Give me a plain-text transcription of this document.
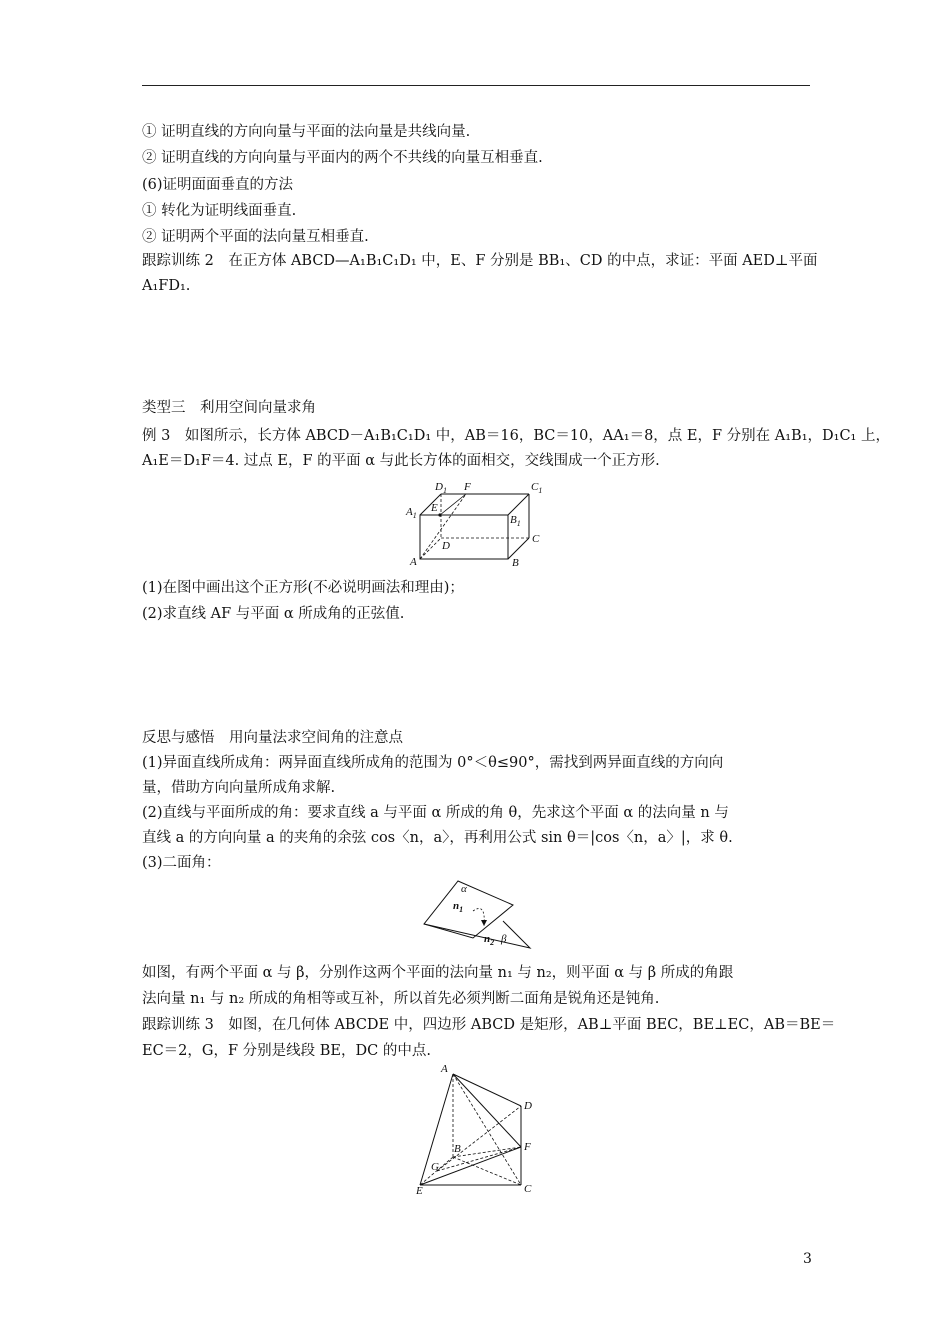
① 证明直线的方向向量与平面的法向量是共线向量.
② 证明直线的方向向量与平面内的两个不共线的向量互相垂直.
(6)证明面面垂直的方法
① 转化为证明线面垂直.
② 证明两个平面的法向量互相垂直.
跟踪训练 2　在正方体 ABCD—A₁B₁C₁D₁ 中，E、F 分别是 BB₁、CD 的中点，求证：平面 AED⊥平面
A₁FD₁.
类型三　利用空间向量求角
例 3　如图所示，长方体 ABCD－A₁B₁C₁D₁ 中，AB＝16，BC＝10，AA₁＝8，点 E，F 分别在 A₁B₁，D₁C₁ 上，
A₁E＝D₁F＝4. 过点 E，F 的平面 α 与此长方体的面相交，交线围成一个正方形.
$D_1$ F	$C_1$
$A_1$
E
$B_1$
D
C
A	B
(1)在图中画出这个正方形(不必说明画法和理由)；
(2)求直线 AF 与平面 α 所成角的正弦值.
反思与感悟　用向量法求空间角的注意点
(1)异面直线所成角：两异面直线所成角的范围为 0°＜θ≤90°，需找到两异面直线的方向向
量，借助方向向量所成角求解.
(2)直线与平面所成的角：要求直线 a 与平面 α 所成的角 θ，先求这个平面 α 的法向量 n 与
直线 a 的方向向量 a 的夹角的余弦 cos〈n，a〉，再利用公式 sin θ＝|cos〈n，a〉|，求 θ.
(3)二面角：
α
$n_1$
$n_2$ β
如图，有两个平面 α 与 β，分别作这两个平面的法向量 n₁ 与 n₂，则平面 α 与 β 所成的角跟
法向量 n₁ 与 n₂ 所成的角相等或互补，所以首先必须判断二面角是锐角还是钝角.
跟踪训练 3　如图，在几何体 ABCDE 中，四边形 ABCD 是矩形，AB⊥平面 BEC，BE⊥EC，AB＝BE＝
EC＝2，G，F 分别是线段 BE，DC 的中点.
A
D
B	F
G
E	C
3
